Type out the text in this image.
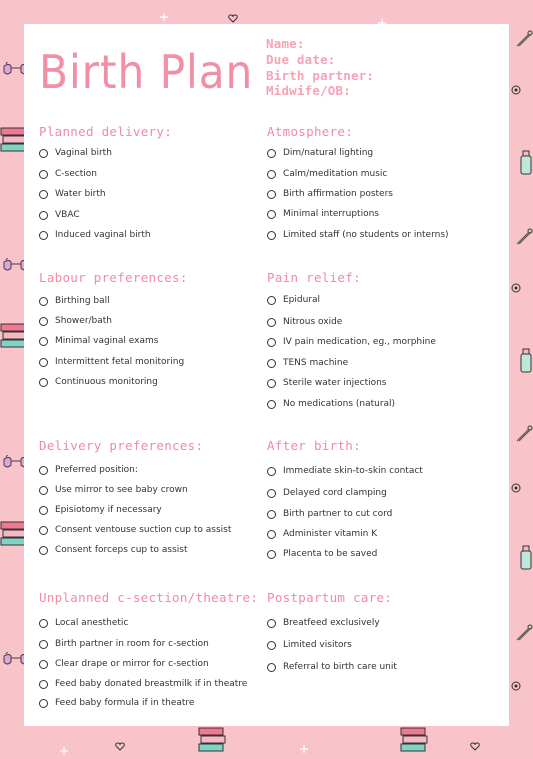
Birth Plan
Name:
Due date:
Birth partner:
Midwife/OB:
Planned delivery:
Vaginal birth
C-section
Water birth
VBAC
Induced vaginal birth
Atmosphere:
Dim/natural lighting
Calm/meditation music
Birth affirmation posters
Minimal interruptions
Limited staff (no students or interns)
Labour preferences:
Birthing ball
Shower/bath
Minimal vaginal exams
Intermittent fetal monitoring
Continuous monitoring
Pain relief:
Epidural
Nitrous oxide
IV pain medication, eg., morphine
TENS machine
Sterile water injections
No medications (natural)
Delivery preferences:
Preferred position:
Use mirror to see baby crown
Episiotomy if necessary
Consent ventouse suction cup to assist
Consent forceps cup to assist
After birth:
Immediate skin-to-skin contact
Delayed cord clamping
Birth partner to cut cord
Administer vitamin K
Placenta to be saved
Unplanned c-section/theatre:
Local anesthetic
Birth partner in room for c-section
Clear drape or mirror for c-section
Feed baby donated breastmilk if in theatre
Feed baby formula if in theatre
Postpartum care:
Breatfeed exclusively
Limited visitors
Referral to birth care unit
